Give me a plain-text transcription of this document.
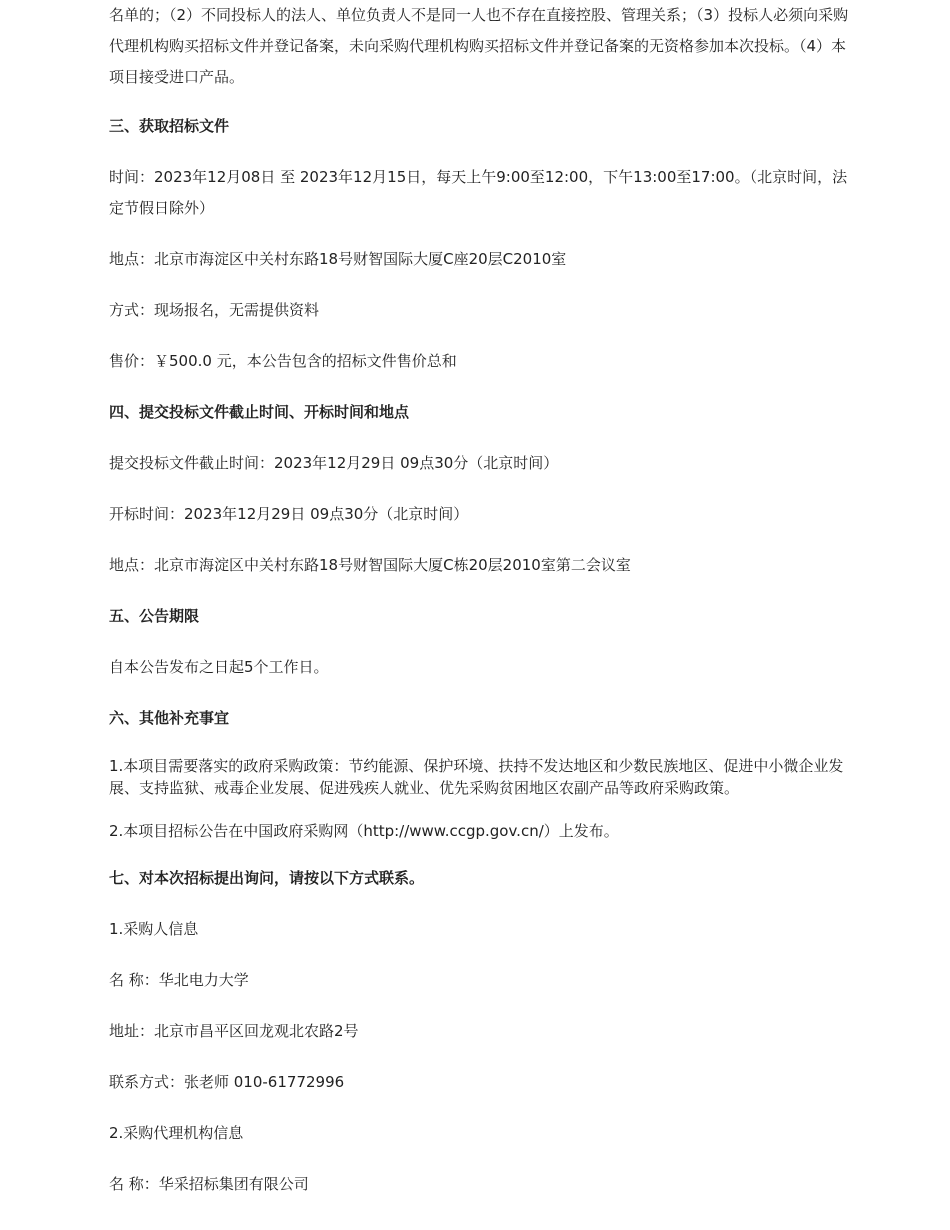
名单的；（2）不同投标人的法人、单位负责人不是同一人也不存在直接控股、管理关系；（3）投标人必须向采购代理机构购买招标文件并登记备案，未向采购代理机构购买招标文件并登记备案的无资格参加本次投标。（4）本项目接受进口产品。

三、获取招标文件

时间：2023年12月08日 至 2023年12月15日，每天上午9:00至12:00，下午13:00至17:00。（北京时间，法定节假日除外）

地点：北京市海淀区中关村东路18号财智国际大厦C座20层C2010室

方式：现场报名，无需提供资料

售价：￥500.0 元，本公告包含的招标文件售价总和

四、提交投标文件截止时间、开标时间和地点

提交投标文件截止时间：2023年12月29日 09点30分（北京时间）

开标时间：2023年12月29日 09点30分（北京时间）

地点：北京市海淀区中关村东路18号财智国际大厦C栋20层2010室第二会议室

五、公告期限

自本公告发布之日起5个工作日。

六、其他补充事宜

1.本项目需要落实的政府采购政策：节约能源、保护环境、扶持不发达地区和少数民族地区、促进中小微企业发展、支持监狱、戒毒企业发展、促进残疾人就业、优先采购贫困地区农副产品等政府采购政策。

2.本项目招标公告在中国政府采购网（http://www.ccgp.gov.cn/）上发布。

七、对本次招标提出询问，请按以下方式联系。

1.采购人信息

名 称：华北电力大学

地址：北京市昌平区回龙观北农路2号

联系方式：张老师 010-61772996

2.采购代理机构信息

名 称：华采招标集团有限公司
